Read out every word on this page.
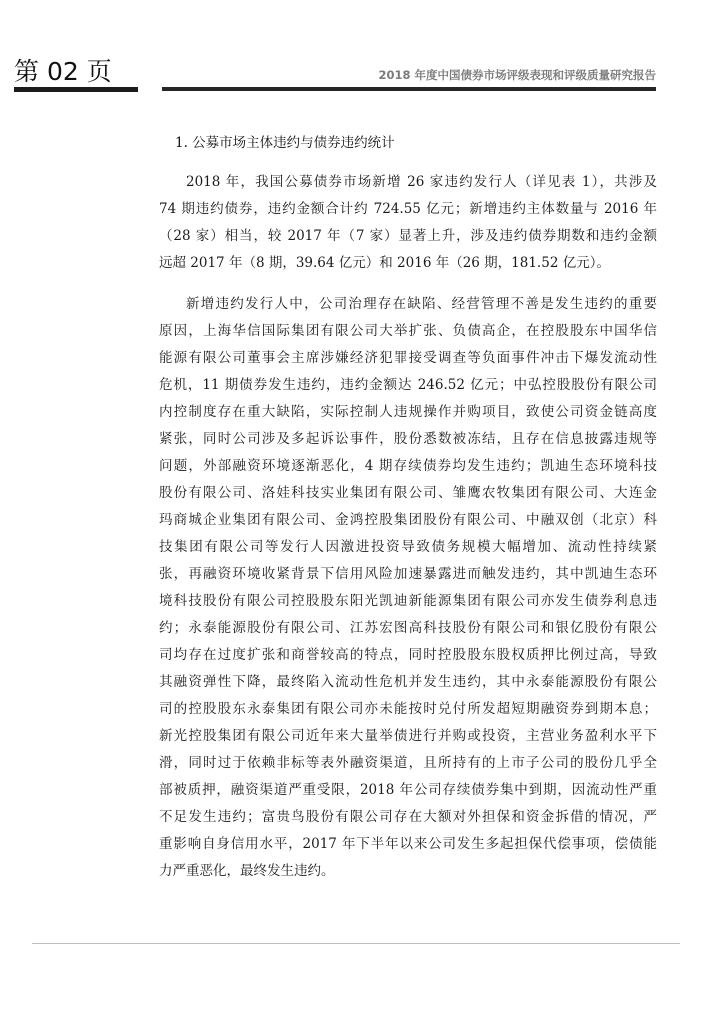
第 02 页	2018 年度中国债券市场评级表现和评级质量研究报告
1. 公募市场主体违约与债券违约统计
2018 年，我国公募债券市场新增 26 家违约发行人（详见表 1），共涉及
74 期违约债券，违约金额合计约 724.55 亿元；新增违约主体数量与 2016 年
（28 家）相当，较 2017 年（7 家）显著上升，涉及违约债券期数和违约金额
远超 2017 年（8 期，39.64 亿元）和 2016 年（26 期，181.52 亿元）。
新增违约发行人中，公司治理存在缺陷、经营管理不善是发生违约的重要
原因，上海华信国际集团有限公司大举扩张、负债高企，在控股股东中国华信
能源有限公司董事会主席涉嫌经济犯罪接受调查等负面事件冲击下爆发流动性
危机，11 期债券发生违约，违约金额达 246.52 亿元；中弘控股股份有限公司
内控制度存在重大缺陷，实际控制人违规操作并购项目，致使公司资金链高度
紧张，同时公司涉及多起诉讼事件，股份悉数被冻结，且存在信息披露违规等
问题，外部融资环境逐渐恶化，4 期存续债券均发生违约；凯迪生态环境科技
股份有限公司、洛娃科技实业集团有限公司、雏鹰农牧集团有限公司、大连金
玛商城企业集团有限公司、金鸿控股集团股份有限公司、中融双创（北京）科
技集团有限公司等发行人因激进投资导致债务规模大幅增加、流动性持续紧
张，再融资环境收紧背景下信用风险加速暴露进而触发违约，其中凯迪生态环
境科技股份有限公司控股股东阳光凯迪新能源集团有限公司亦发生债券利息违
约；永泰能源股份有限公司、江苏宏图高科技股份有限公司和银亿股份有限公
司均存在过度扩张和商誉较高的特点，同时控股股东股权质押比例过高，导致
其融资弹性下降，最终陷入流动性危机并发生违约，其中永泰能源股份有限公
司的控股股东永泰集团有限公司亦未能按时兑付所发超短期融资券到期本息；
新光控股集团有限公司近年来大量举债进行并购或投资，主营业务盈利水平下
滑，同时过于依赖非标等表外融资渠道，且所持有的上市子公司的股份几乎全
部被质押，融资渠道严重受限，2018 年公司存续债券集中到期，因流动性严重
不足发生违约；富贵鸟股份有限公司存在大额对外担保和资金拆借的情况，严
重影响自身信用水平，2017 年下半年以来公司发生多起担保代偿事项，偿债能
力严重恶化，最终发生违约。
